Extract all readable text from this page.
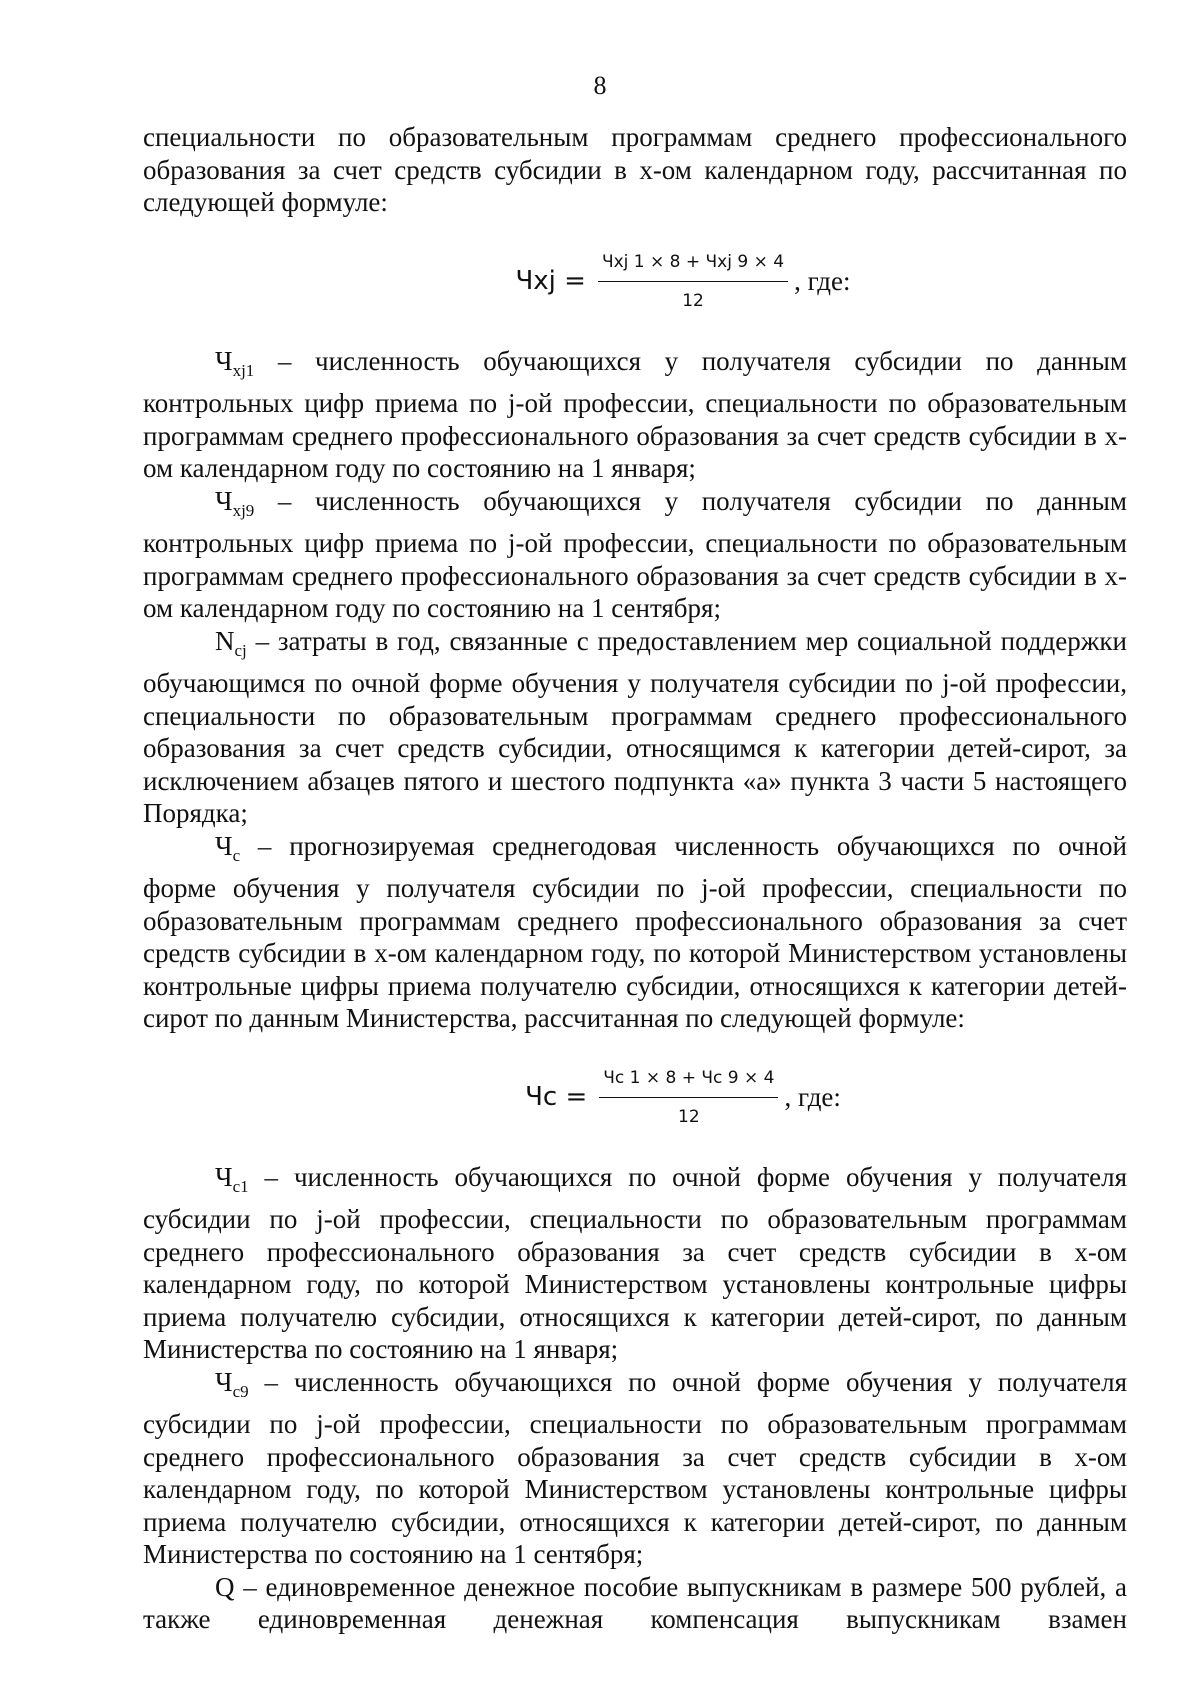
8

специальности по образовательным программам среднего профессионального образования за счет средств субсидии в х-ом календарном году, рассчитанная по следующей формуле:

Чxj = $\frac{\text{Чxj 1 × 8 + Чxj 9 × 4}}{12}$ , где:

$Ч_{xj1}$ – численность обучающихся у получателя субсидии по данным контрольных цифр приема по j-ой профессии, специальности по образовательным программам среднего профессионального образования за счет средств субсидии в х-ом календарном году по состоянию на 1 января;

$Ч_{xj9}$ – численность обучающихся у получателя субсидии по данным контрольных цифр приема по j-ой профессии, специальности по образовательным программам среднего профессионального образования за счет средств субсидии в х-ом календарном году по состоянию на 1 сентября;

$N_{cj}$ – затраты в год, связанные с предоставлением мер социальной поддержки обучающимся по очной форме обучения у получателя субсидии по j-ой профессии, специальности по образовательным программам среднего профессионального образования за счет средств субсидии, относящимся к категории детей-сирот, за исключением абзацев пятого и шестого подпункта «а» пункта 3 части 5 настоящего Порядка;

$Ч_с$ – прогнозируемая среднегодовая численность обучающихся по очной форме обучения у получателя субсидии по j-ой профессии, специальности по образовательным программам среднего профессионального образования за счет средств субсидии в х-ом календарном году, по которой Министерством установлены контрольные цифры приема получателю субсидии, относящихся к категории детей-сирот по данным Министерства, рассчитанная по следующей формуле:

Чс = $\frac{Чс 1 \times 8 + Чс 9 \times 4}{12}$ , где:

$Ч_{с1}$ – численность обучающихся по очной форме обучения у получателя субсидии по j-ой профессии, специальности по образовательным программам среднего профессионального образования за счет средств субсидии в х-ом календарном году, по которой Министерством установлены контрольные цифры приема получателю субсидии, относящихся к категории детей-сирот, по данным Министерства по состоянию на 1 января;

$Ч_{с9}$ – численность обучающихся по очной форме обучения у получателя субсидии по j-ой профессии, специальности по образовательным программам среднего профессионального образования за счет средств субсидии в х-ом календарном году, по которой Министерством установлены контрольные цифры приема получателю субсидии, относящихся к категории детей-сирот, по данным Министерства по состоянию на 1 сентября;

Q – единовременное денежное пособие выпускникам в размере 500 рублей, а также единовременная денежная компенсация выпускникам взамен
